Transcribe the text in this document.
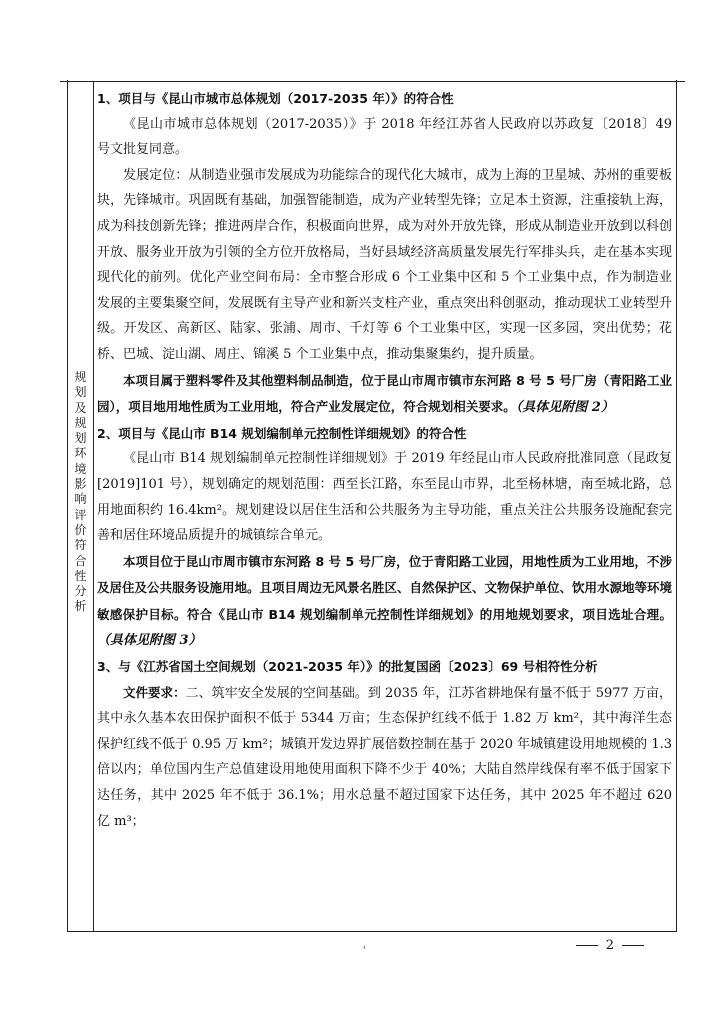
规
划
及
规
划
环
境
影
响
评
价
符
合
性
分
析

1、项目与《昆山市城市总体规划（2017-2035 年）》的符合性

《昆山市城市总体规划（2017-2035）》于 2018 年经江苏省人民政府以苏政复〔2018〕49 号文批复同意。

发展定位：从制造业强市发展成为功能综合的现代化大城市，成为上海的卫星城、苏州的重要板块，先锋城市。巩固既有基础，加强智能制造，成为产业转型先锋；立足本土资源，注重接轨上海，成为科技创新先锋；推进两岸合作，积极面向世界，成为对外开放先锋，形成从制造业开放到以科创开放、服务业开放为引领的全方位开放格局，当好县域经济高质量发展先行军排头兵，走在基本实现现代化的前列。优化产业空间布局：全市整合形成 6 个工业集中区和 5 个工业集中点，作为制造业发展的主要集聚空间，发展既有主导产业和新兴支柱产业，重点突出科创驱动，推动现状工业转型升级。开发区、高新区、陆家、张浦、周市、千灯等 6 个工业集中区，实现一区多园，突出优势；花桥、巴城、淀山湖、周庄、锦溪 5 个工业集中点，推动集聚集约，提升质量。

本项目属于塑料零件及其他塑料制品制造，位于昆山市周市镇市东河路 8 号 5 号厂房（青阳路工业园），项目地用地性质为工业用地，符合产业发展定位，符合规划相关要求。（具体见附图 2）

2、项目与《昆山市 B14 规划编制单元控制性详细规划》的符合性

《昆山市 B14 规划编制单元控制性详细规划》于 2019 年经昆山市人民政府批准同意（昆政复[2019]101 号），规划确定的规划范围：西至长江路，东至昆山市界，北至杨林塘，南至城北路，总用地面积约 16.4km²。规划建设以居住生活和公共服务为主导功能，重点关注公共服务设施配套完善和居住环境品质提升的城镇综合单元。

本项目位于昆山市周市镇市东河路 8 号 5 号厂房，位于青阳路工业园，用地性质为工业用地，不涉及居住及公共服务设施用地。且项目周边无风景名胜区、自然保护区、文物保护单位、饮用水源地等环境敏感保护目标。符合《昆山市 B14 规划编制单元控制性详细规划》的用地规划要求，项目选址合理。（具体见附图 3）

3、与《江苏省国土空间规划（2021-2035 年）》的批复国函〔2023〕69 号相符性分析

文件要求：二、筑牢安全发展的空间基础。到 2035 年，江苏省耕地保有量不低于 5977 万亩，其中永久基本农田保护面积不低于 5344 万亩；生态保护红线不低于 1.82 万 km²，其中海洋生态保护红线不低于 0.95 万 km²；城镇开发边界扩展倍数控制在基于 2020 年城镇建设用地规模的 1.3 倍以内；单位国内生产总值建设用地使用面积下降不少于 40%；大陆自然岸线保有率不低于国家下达任务，其中 2025 年不低于 36.1%；用水总量不超过国家下达任务，其中 2025 年不超过 620 亿 m³；

'	2
